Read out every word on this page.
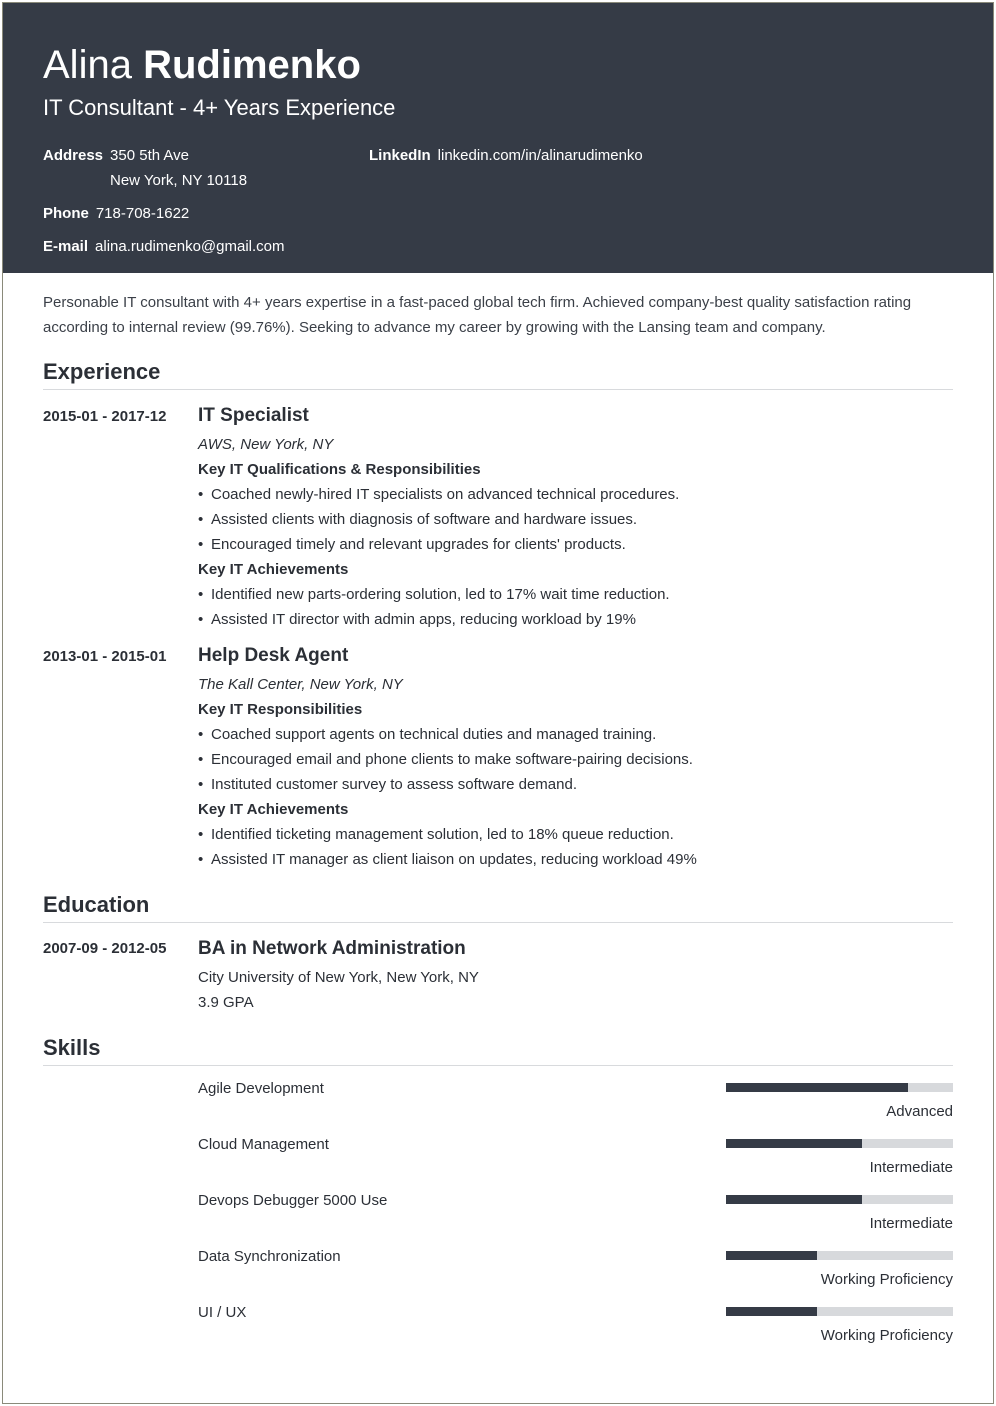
Alina Rudimenko
IT Consultant - 4+ Years Experience
Address 350 5th Ave
New York, NY 10118
LinkedIn linkedin.com/in/alinarudimenko
Phone 718-708-1622
E-mail alina.rudimenko@gmail.com
Personable IT consultant with 4+ years expertise in a fast-paced global tech firm. Achieved company-best quality satisfaction rating according to internal review (99.76%). Seeking to advance my career by growing with the Lansing team and company.
Experience
2015-01 - 2017-12 IT Specialist
AWS, New York, NY
Key IT Qualifications & Responsibilities
• Coached newly-hired IT specialists on advanced technical procedures.
• Assisted clients with diagnosis of software and hardware issues.
• Encouraged timely and relevant upgrades for clients' products.
Key IT Achievements
• Identified new parts-ordering solution, led to 17% wait time reduction.
• Assisted IT director with admin apps, reducing workload by 19%
2013-01 - 2015-01 Help Desk Agent
The Kall Center, New York, NY
Key IT Responsibilities
• Coached support agents on technical duties and managed training.
• Encouraged email and phone clients to make software-pairing decisions.
• Instituted customer survey to assess software demand.
Key IT Achievements
• Identified ticketing management solution, led to 18% queue reduction.
• Assisted IT manager as client liaison on updates, reducing workload 49%
Education
2007-09 - 2012-05 BA in Network Administration
City University of New York, New York, NY
3.9 GPA
Skills
Agile Development
Advanced
Cloud Management
Intermediate
Devops Debugger 5000 Use
Intermediate
Data Synchronization
Working Proficiency
UI / UX
Working Proficiency
